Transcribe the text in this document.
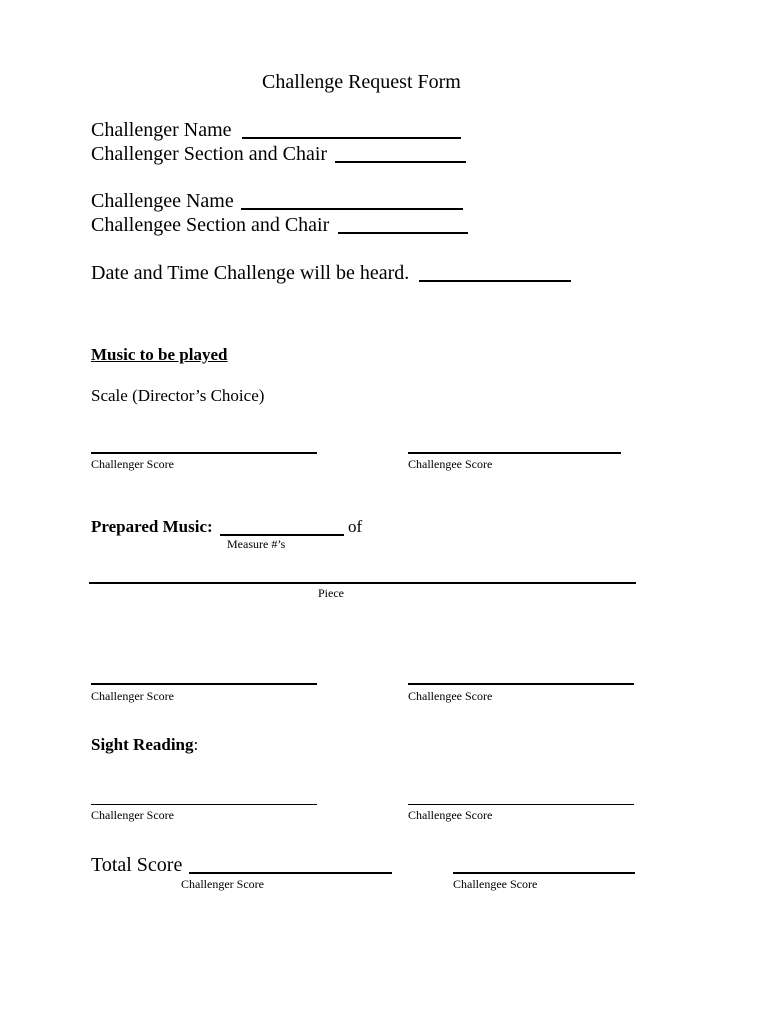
Challenge Request Form
Challenger Name
Challenger Section and Chair
Challengee Name
Challengee Section and Chair
Date and Time Challenge will be heard.
Music to be played
Scale (Director’s Choice)
Challenger Score	Challengee Score
Prepared Music:	of
Measure #’s
Piece
Challenger Score	Challengee Score
Sight Reading:
Challenger Score	Challengee Score
Total Score
Challenger Score	Challengee Score
